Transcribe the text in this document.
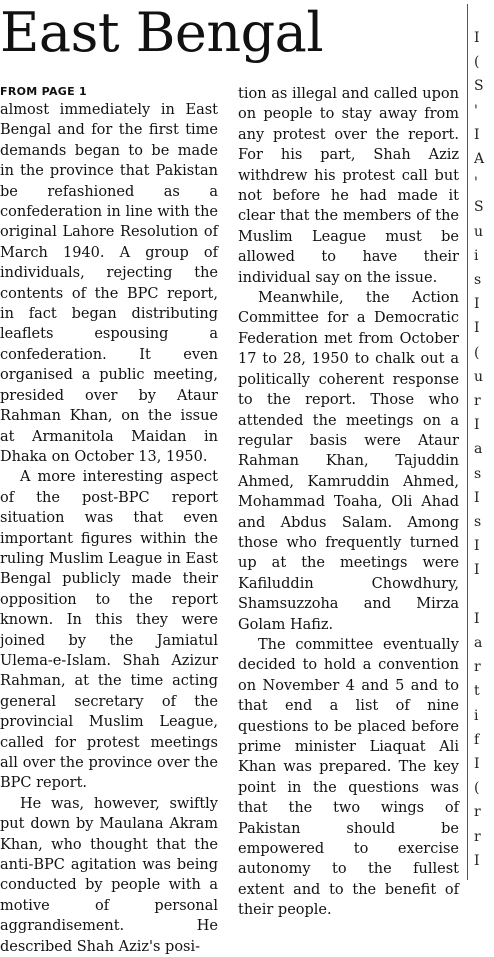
East Bengal
FROM PAGE 1

almost immediately in East Bengal and for the first time demands began to be made in the province that Pakistan be refashioned as a confederation in line with the original Lahore Resolution of March 1940. A group of individuals, rejecting the contents of the BPC report, in fact began distributing leaflets espousing a confederation. It even organised a public meeting, presided over by Ataur Rahman Khan, on the issue at Armanitola Maidan in Dhaka on October 13, 1950.

A more interesting aspect of the post-BPC report situation was that even important figures within the ruling Muslim League in East Bengal publicly made their opposition to the report known. In this they were joined by the Jamiatul Ulema-e-Islam. Shah Azizur Rahman, at the time acting general secretary of the provincial Muslim League, called for protest meetings all over the province over the BPC report.

He was, however, swiftly put down by Maulana Akram Khan, who thought that the anti-BPC agitation was being conducted by people with a motive of personal aggrandisement. He described Shah Aziz's posi-

tion as illegal and called upon on people to stay away from any protest over the report. For his part, Shah Aziz withdrew his protest call but not before he had made it clear that the members of the Muslim League must be allowed to have their individual say on the issue.

Meanwhile, the Action Committee for a Democratic Federation met from October 17 to 28, 1950 to chalk out a politically coherent response to the report. Those who attended the meetings on a regular basis were Ataur Rahman Khan, Tajuddin Ahmed, Kamruddin Ahmed, Mohammad Toaha, Oli Ahad and Abdus Salam. Among those who frequently turned up at the meetings were Kafiluddin Chowdhury, Shamsuzzoha and Mirza Golam Hafiz.

The committee eventually decided to hold a convention on November 4 and 5 and to that end a list of nine questions to be placed before prime minister Liaquat Ali Khan was prepared. The key point in the questions was that the two wings of Pakistan should be empowered to exercise autonomy to the fullest extent and to the benefit of their people.

I
(
S
'
I
A
'
S
u
i
s
I
I
(
u
r
I
a
s
I
s
I
I
I
a
r
t
i
f
I
(
r
r
I
